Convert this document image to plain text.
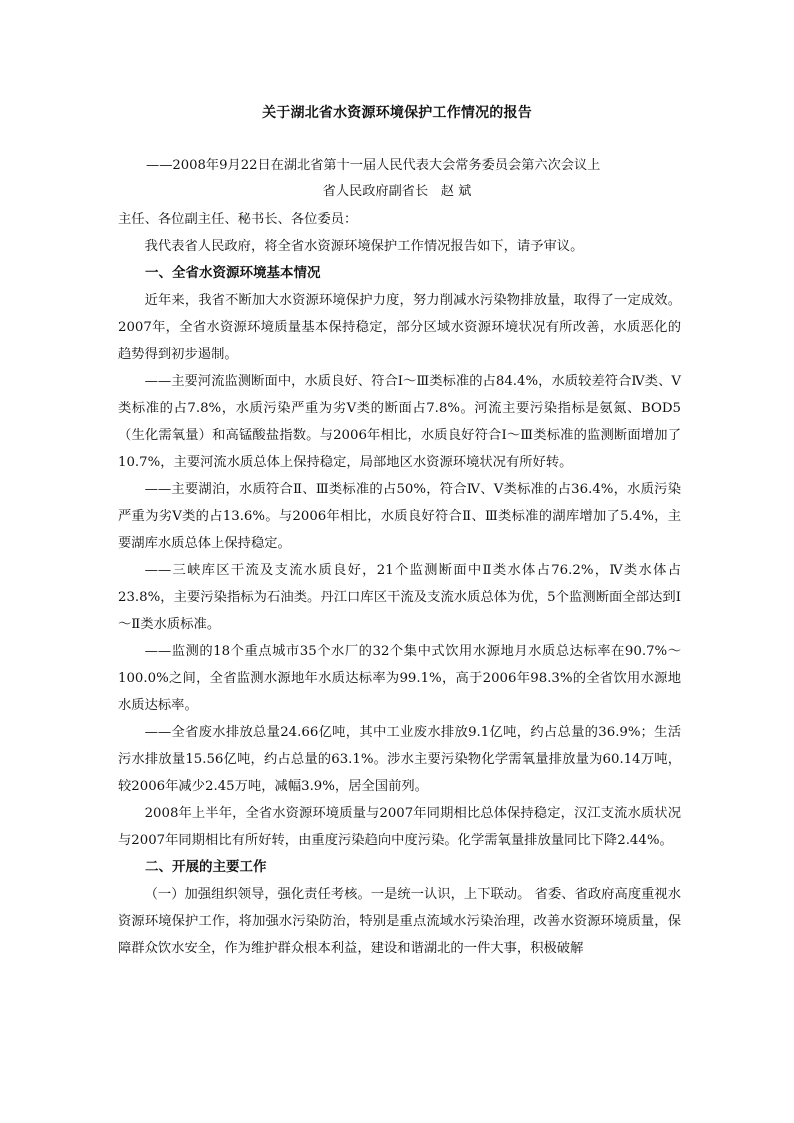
关于湖北省水资源环境保护工作情况的报告
——2008年9月22日在湖北省第十一届人民代表大会常务委员会第六次会议上
省人民政府副省长   赵 斌

主任、各位副主任、秘书长、各位委员：

我代表省人民政府，将全省水资源环境保护工作情况报告如下，请予审议。

一、全省水资源环境基本情况

近年来，我省不断加大水资源环境保护力度，努力削减水污染物排放量，取得了一定成效。2007年，全省水资源环境质量基本保持稳定，部分区域水资源环境状况有所改善，水质恶化的趋势得到初步遏制。

——主要河流监测断面中，水质良好、符合Ⅰ～Ⅲ类标准的占84.4%，水质较差符合Ⅳ类、Ⅴ类标准的占7.8%，水质污染严重为劣Ⅴ类的断面占7.8%。河流主要污染指标是氨氮、BOD5（生化需氧量）和高锰酸盐指数。与2006年相比，水质良好符合Ⅰ～Ⅲ类标准的监测断面增加了10.7%，主要河流水质总体上保持稳定，局部地区水资源环境状况有所好转。

——主要湖泊，水质符合Ⅱ、Ⅲ类标准的占50%，符合Ⅳ、Ⅴ类标准的占36.4%，水质污染严重为劣Ⅴ类的占13.6%。与2006年相比，水质良好符合Ⅱ、Ⅲ类标准的湖库增加了5.4%，主要湖库水质总体上保持稳定。

——三峡库区干流及支流水质良好，21个监测断面中Ⅱ类水体占76.2%，Ⅳ类水体占23.8%，主要污染指标为石油类。丹江口库区干流及支流水质总体为优，5个监测断面全部达到Ⅰ～Ⅱ类水质标准。

——监测的18个重点城市35个水厂的32个集中式饮用水源地月水质总达标率在90.7%～100.0%之间，全省监测水源地年水质达标率为99.1%，高于2006年98.3%的全省饮用水源地水质达标率。

——全省废水排放总量24.66亿吨，其中工业废水排放9.1亿吨，约占总量的36.9%；生活污水排放量15.56亿吨，约占总量的63.1%。涉水主要污染物化学需氧量排放量为60.14万吨，较2006年减少2.45万吨，减幅3.9%，居全国前列。

2008年上半年，全省水资源环境质量与2007年同期相比总体保持稳定，汉江支流水质状况与2007年同期相比有所好转，由重度污染趋向中度污染。化学需氧量排放量同比下降2.44%。

二、开展的主要工作

（一）加强组织领导，强化责任考核。一是统一认识，上下联动。 省委、省政府高度重视水资源环境保护工作，将加强水污染防治，特别是重点流域水污染治理，改善水资源环境质量，保障群众饮水安全，作为维护群众根本利益，建设和谐湖北的一件大事，积极破解
